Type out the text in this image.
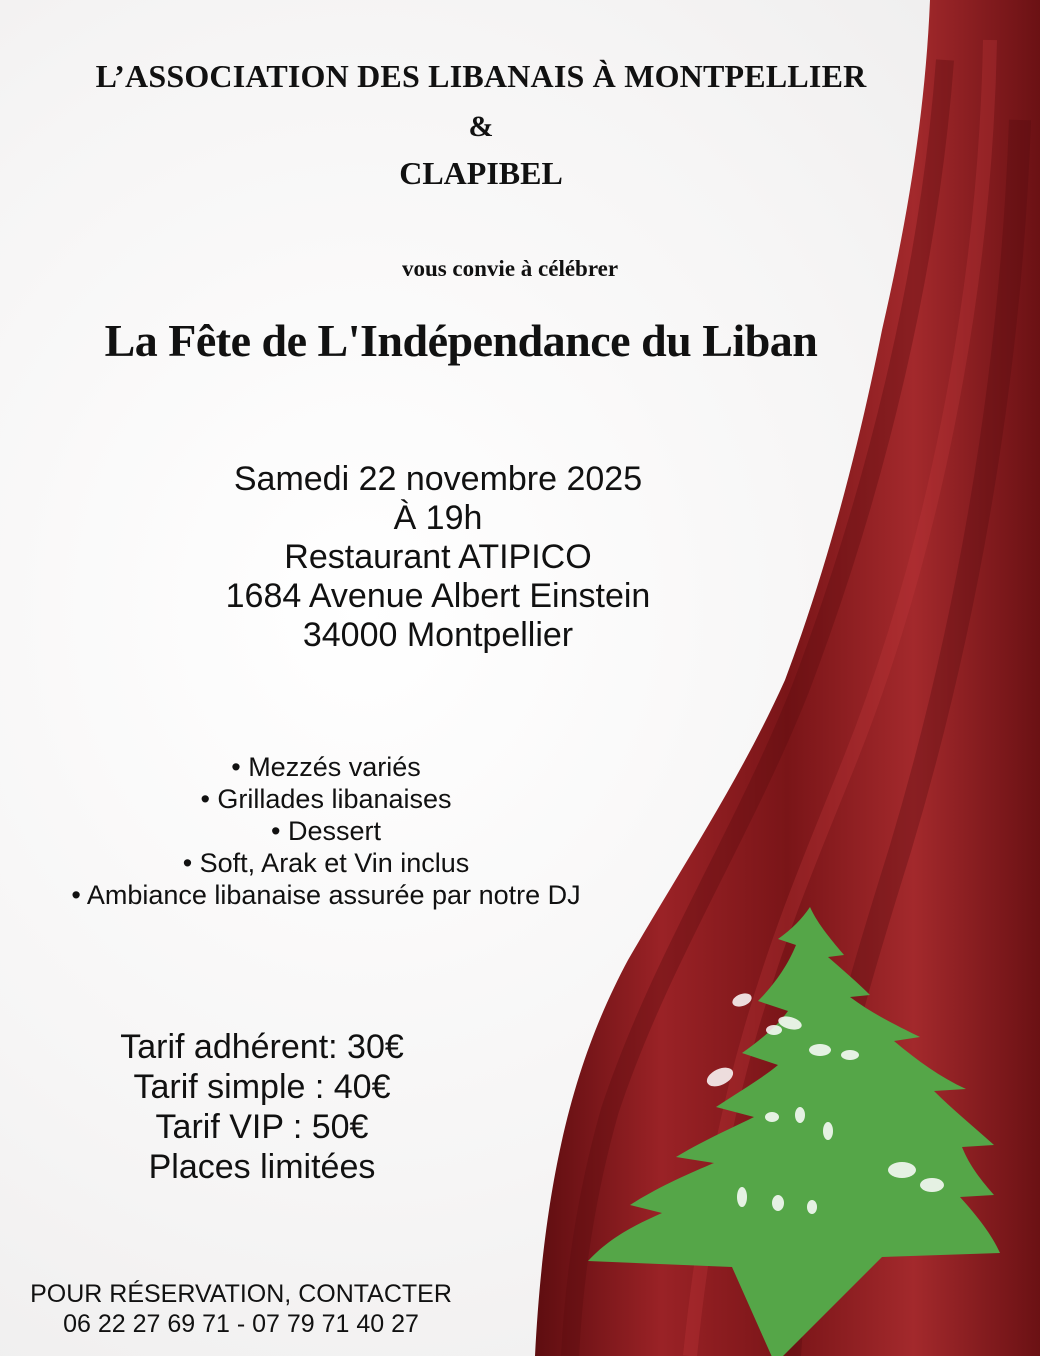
L’ASSOCIATION DES LIBANAIS À MONTPELLIER
&
CLAPIBEL
vous convie à célébrer
La Fête de L'Indépendance du Liban
Samedi 22 novembre 2025
À 19h
Restaurant ATIPICO
1684 Avenue Albert Einstein
34000 Montpellier
• Mezzés variés
• Grillades libanaises
• Dessert
• Soft, Arak et Vin inclus
• Ambiance libanaise assurée par notre DJ
Tarif adhérent: 30€
Tarif simple : 40€
Tarif VIP : 50€
Places limitées
POUR RÉSERVATION, CONTACTER
06 22 27 69 71 - 07 79 71 40 27
